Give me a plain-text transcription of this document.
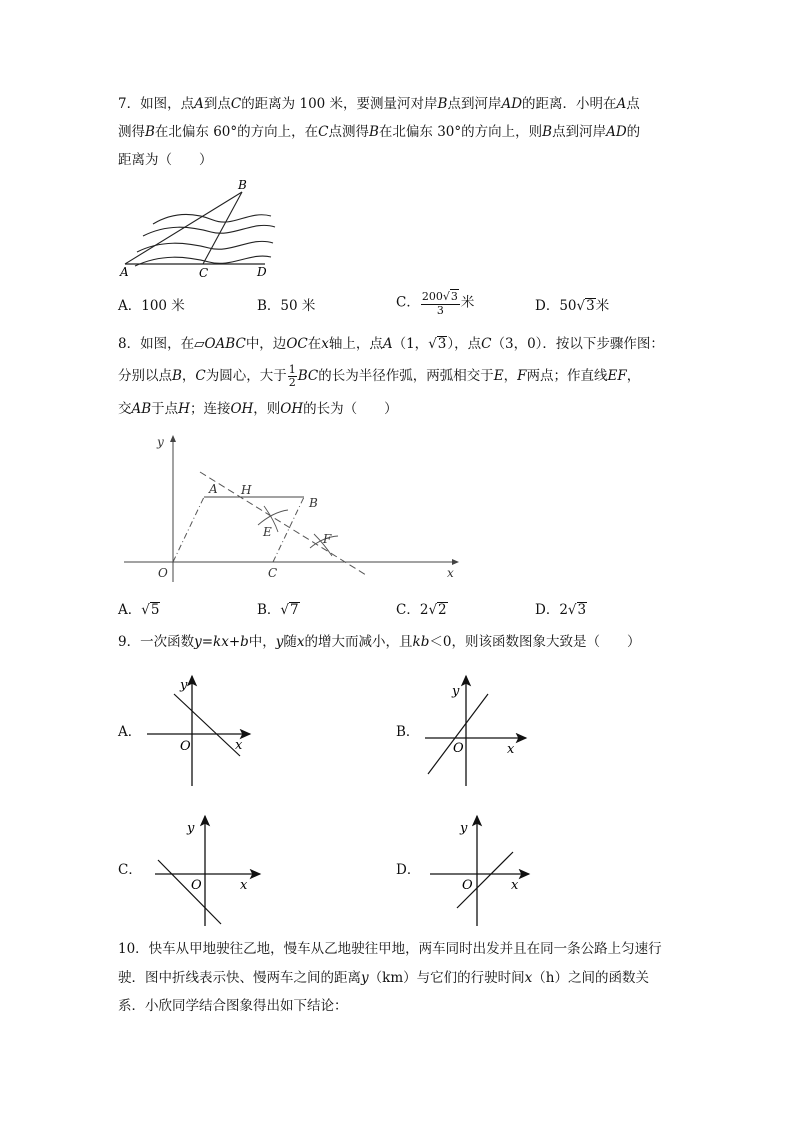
7．如图，点A到点C的距离为 100 米，要测量河对岸B点到河岸AD的距离．小明在A点
测得B在北偏东 60°的方向上，在C点测得B在北偏东 30°的方向上，则B点到河岸AD的
距离为（　　）
B
A	C	D
A．100 米	B．50 米	C． $\frac{200√3}{3}$ 米	D．50√3米
8．如图，在▱OABC中，边OC在x轴上，点A（1，√3），点C（3，0）．按以下步骤作图：
分别以点B，C为圆心，大于 $\frac{1}{2}$ BC的长为半径作弧，两弧相交于E，F两点；作直线EF，
交AB于点H；连接OH，则OH的长为（　　）
A H
B
E	F
O	C	x
y
A．√5	B．√7	C．2√2	D．2√3
9．一次函数y=kx+b中，y随x的增大而减小，且kb＜0，则该函数图象大致是（　　）
A．
y
x
O
B．
y
x
O
C．
y
x
O
D．
y
x
O
10．快车从甲地驶往乙地，慢车从乙地驶往甲地，两车同时出发并且在同一条公路上匀速行
驶．图中折线表示快、慢两车之间的距离y（km）与它们的行驶时间x（h）之间的函数关
系．小欣同学结合图象得出如下结论：
